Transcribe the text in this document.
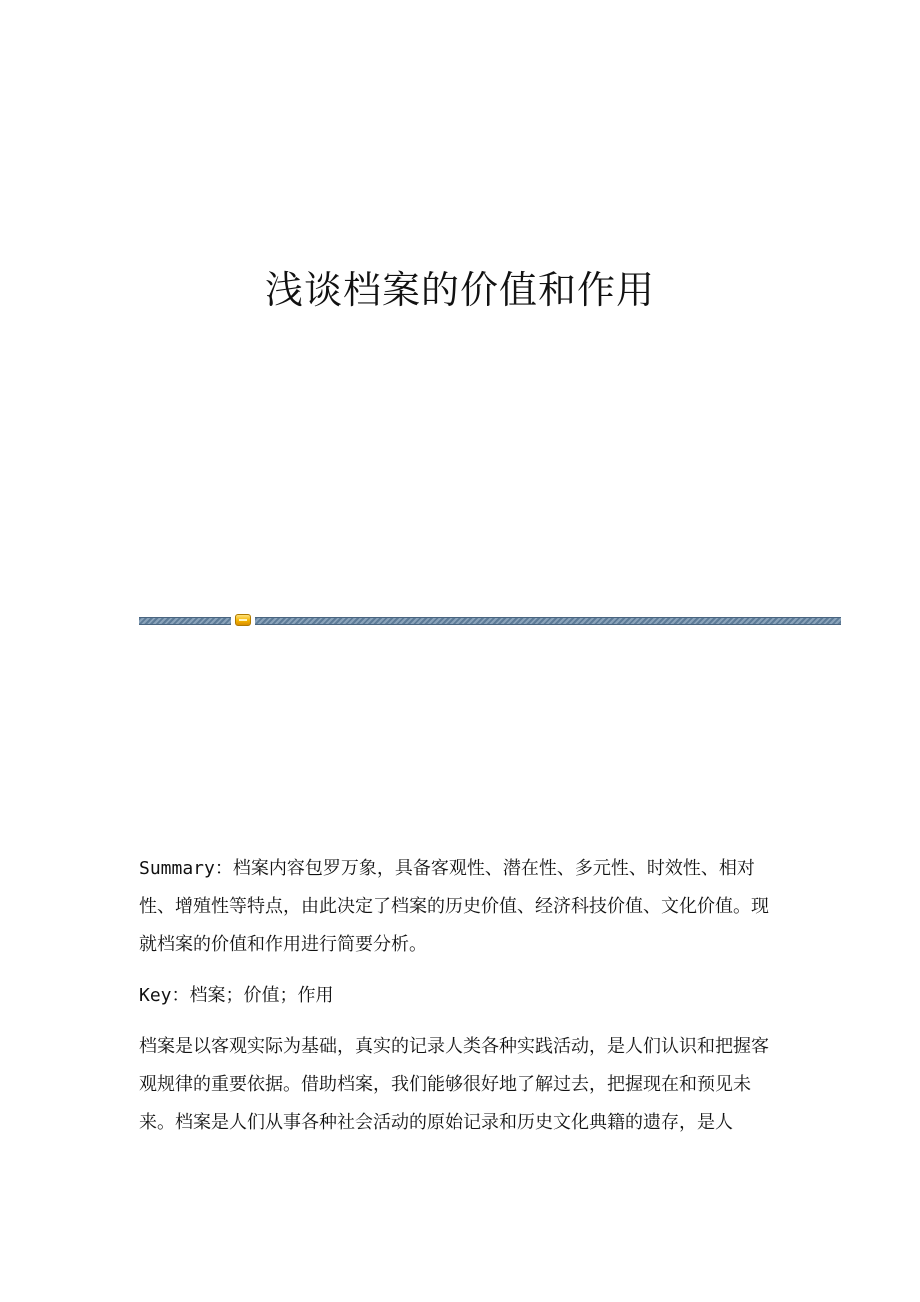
浅谈档案的价值和作用

Summary：档案内容包罗万象，具备客观性、潜在性、多元性、时效性、相对性、增殖性等特点，由此决定了档案的历史价值、经济科技价值、文化价值。现就档案的价值和作用进行简要分析。

Key：档案；价值；作用

档案是以客观实际为基础，真实的记录人类各种实践活动，是人们认识和把握客观规律的重要依据。借助档案，我们能够很好地了解过去，把握现在和预见未来。档案是人们从事各种社会活动的原始记录和历史文化典籍的遗存，是人
